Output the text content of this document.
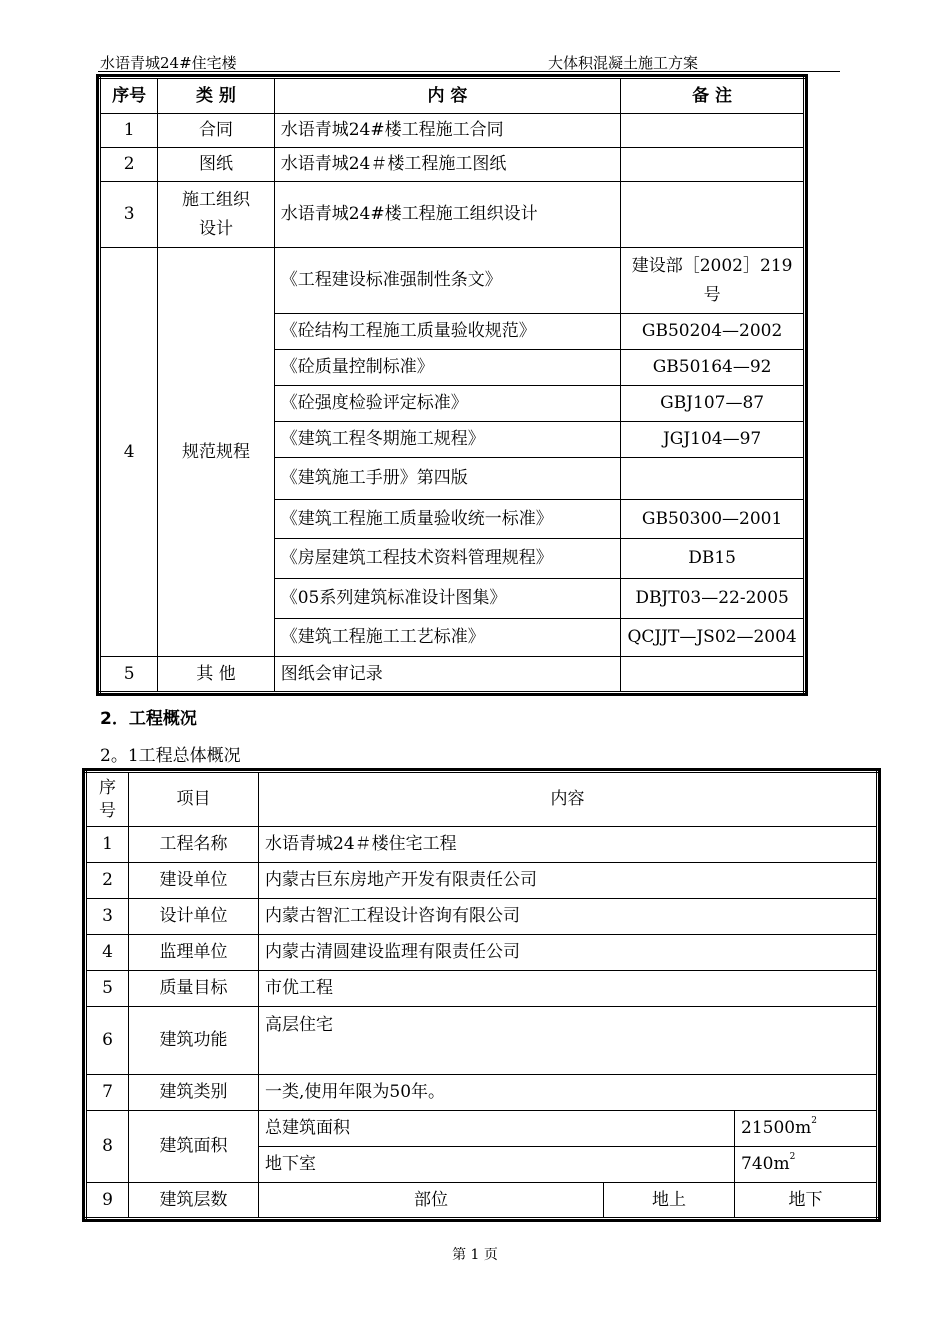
水语青城24#住宅楼	大体积混凝土施工方案
序号	类 别	内 容	备 注
1	合同	水语青城24#楼工程施工合同	
2	图纸	水语青城24＃楼工程施工图纸	
3	施工组织设计	水语青城24#楼工程施工组织设计	
4	规范规程	《工程建设标准强制性条文》	建设部［2002］219号
		《砼结构工程施工质量验收规范》	GB50204—2002
		《砼质量控制标准》	GB50164—92
		《砼强度检验评定标准》	GBJ107—87
		《建筑工程冬期施工规程》	JGJ104—97
		《建筑施工手册》第四版	
		《建筑工程施工质量验收统一标准》	GB50300—2001
		《房屋建筑工程技术资料管理规程》	DB15
		《05系列建筑标准设计图集》	DBJT03—22-2005
		《建筑工程施工工艺标准》	QCJJT—JS02—2004
5	其 他	图纸会审记录	
2．工程概况
2。1工程总体概况
序号	项目	内容		
1	工程名称	水语青城24＃楼住宅工程		
2	建设单位	内蒙古巨东房地产开发有限责任公司		
3	设计单位	内蒙古智汇工程设计咨询有限公司		
4	监理单位	内蒙古清圆建设监理有限责任公司		
5	质量目标	市优工程		
6	建筑功能	高层住宅		
7	建筑类别	一类,使用年限为50年。		
8	建筑面积	总建筑面积		$21500m^2$
		地下室		$740m^2$
9	建筑层数	部位	地上	地下
第 1 页
